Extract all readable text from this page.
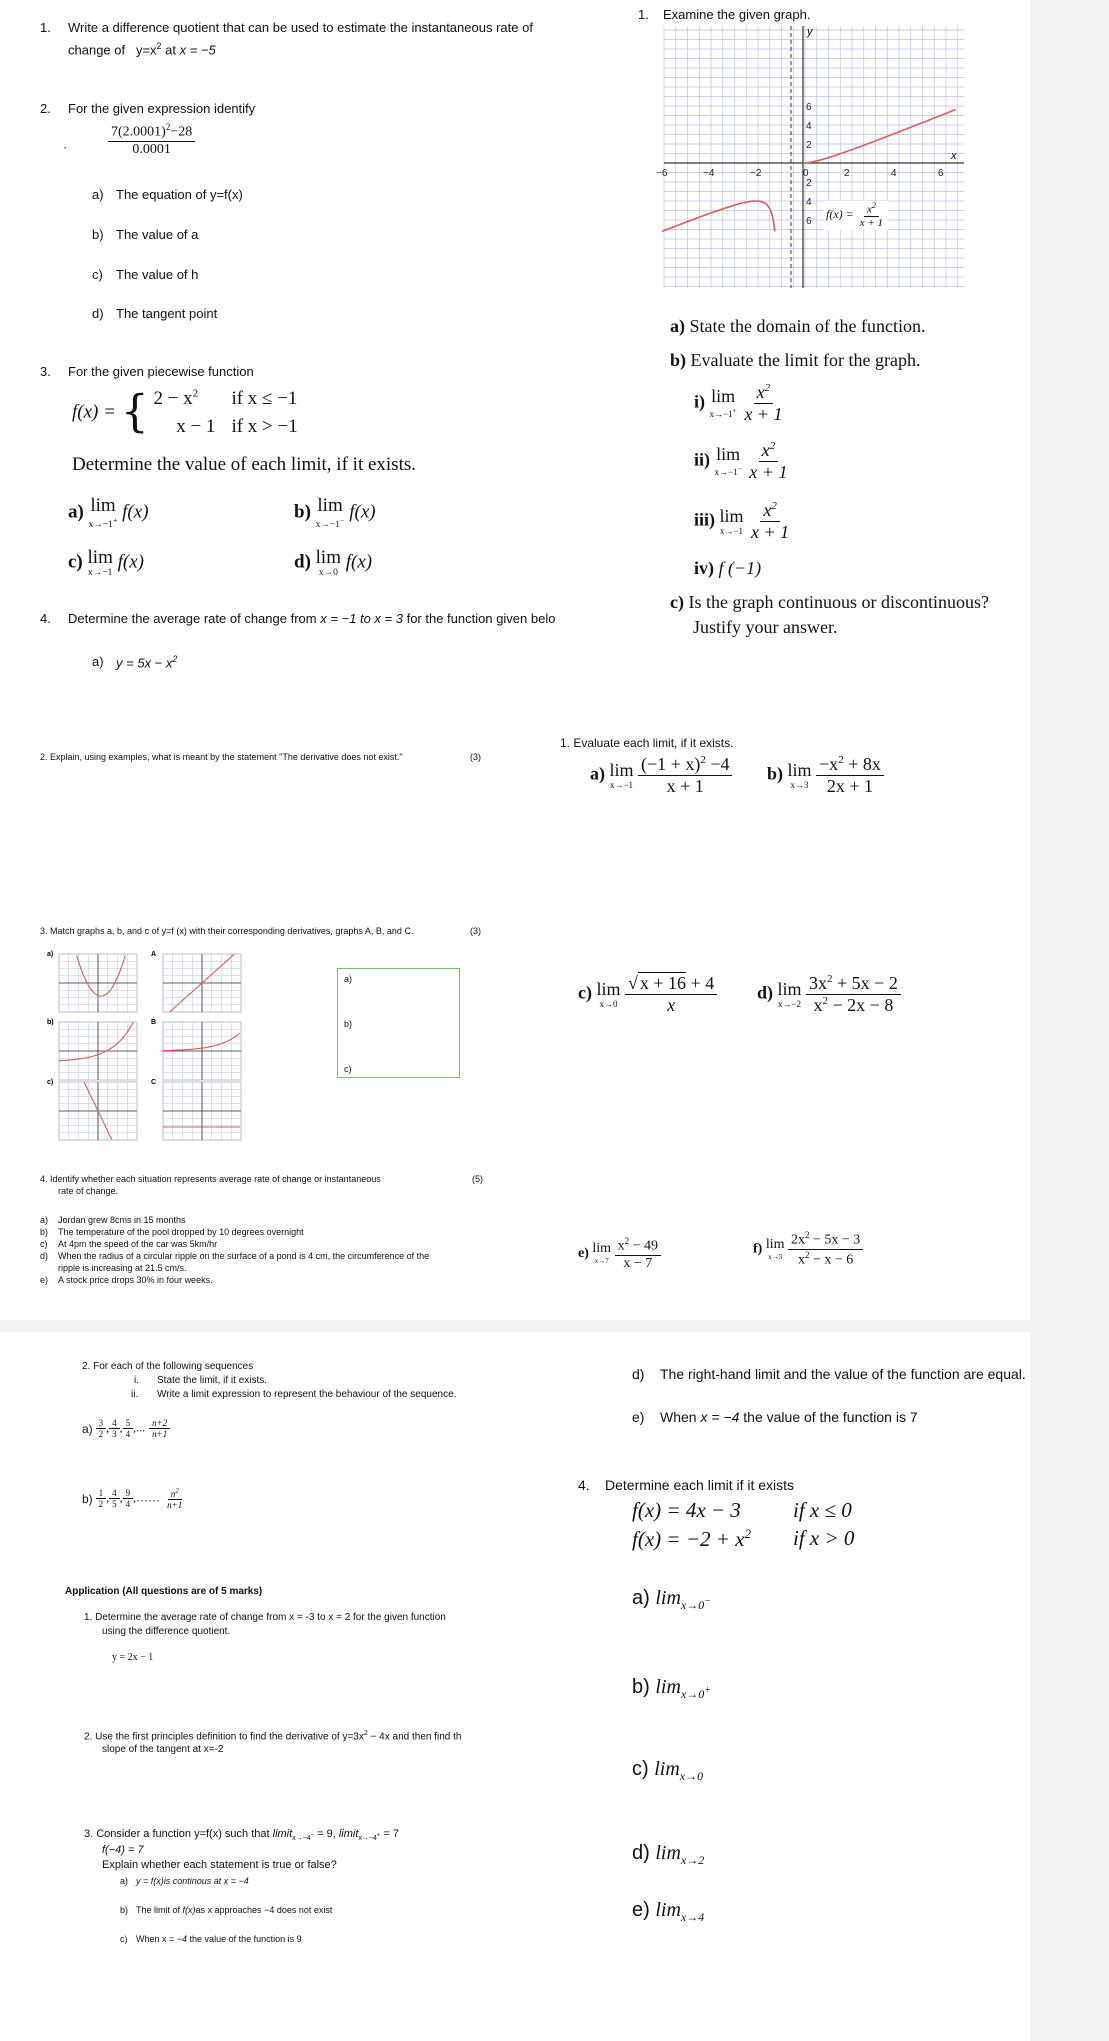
1. Write a difference quotient that can be used to estimate the instantaneous rate of
change of $y=x^2$ at x = −5
2. For the given expression identify
·	$\frac{7(2.0001)^2-28}{0.0001}$
a) The equation of y=f(x)
b) The value of a
c) The value of h
d) The tangent point
3. For the given piecewise function
f(x) = { $2 - x^2$ if x ≤ −1
x − 1 if x > −1
Determine the value of each limit, if it exists.
a) lim
x→−1+ f(x)	b) lim
x→−1− f(x)
c) lim
x→−1
f(x)	d) lim
x→0
f(x)
4. Determine the average rate of change from x = −1 to x = 3 for the function given belo
a) $y = 5x - x^2$
1. Examine the given graph.
−6	−4	−2	0	2	4	6
6
4
2
2
4
6
x
y
$f(x) = \frac{x^2}{x + 1}$
a) State the domain of the function.
b) Evaluate the limit for the graph.
i) lim
x→−1+
$\frac{x^2}{x + 1}$
ii) lim
x→−1−
$\frac{x^2}{x + 1}$
iii) lim
x→−1
$\frac{x^2}{x + 1}$
iv) f (−1)
c) Is the graph continuous or discontinuous?
Justify your answer.
2. Explain, using examples, what is meant by the statement "The derivative does not exist."	(3)
3. Match graphs a, b, and c of y=f (x) with their corresponding derivatives, graphs A, B, and C.	(3)
a)
b)
c)
A
B
C
a)
b)
c)
4. Identify whether each situation represents average rate of change or instantaneous
rate of change.
(5)
a) Jordan grew 8cms in 15 months
b) The temperature of the pool dropped by 10 degrees overnight
c) At 4pm the speed of the car was 5km/hr
d) When the radius of a circular ripple on the surface of a pond is 4 cm, the circumference of the
ripple is increasing at 21.5 cm/s.
e) A stock price drops 30% in four weeks.
1. Evaluate each limit, if it exists.
a) lim
x→−1
$\frac{(-1 + x)^2 -4}{x + 1} b$) lim
x→3
$\frac{-x^2 + 8x}{2x + 1}$
c) lim
x→0
$\frac{√ x + 16 + 4}{x} d$) lim
x→−2
$\frac{3x^2 + 5x - 2}{x^2 - 2x - 8}$
e) lim
x→7
$\frac{x^2 - 49}{x - 7}$	f) lim
x→3
$\frac{2x^2 - 5x - 3}{x^2 - x - 6}$
2. For each of the following sequences
i. State the limit, if it exists.
ii. Write a limit expression to represent the behaviour of the sequence.
$a) \frac{3}{2}$ , $\frac{4}{3}$ , $\frac{5}{4}$ ,... $\frac{n+2}{n+1}$
$b) \frac{1}{2}$ , $\frac{4}{5}$ , $\frac{9}{4}$ ,…… $\frac{n^2}{n+1}$
Application (All questions are of 5 marks)
1. Determine the average rate of change from x = -3 to x = 2 for the given function
using the difference quotient.
y = 2x − 1
2. Use the first principles definition to find the derivative of $y=3x^2 - 4x$ and then find th
slope of the tangent at x=-2
3. Consider a function y=f(x) such that limit$_{x\to-4^-}$ = 9, limit$_{x\to-4^+}$ = 7
f(−4) = 7
Explain whether each statement is true or false?
a) y = f(x)is continous at x = −4
b) The limit of f(x)as x approaches −4 does not exist
c) When x = −4 the value of the function is 9
d) The right-hand limit and the value of the function are equal.
e) When x = −4 the value of the function is 7
4. Determine each limit if it exists
f(x) = 4x − 3 if x ≤ 0
$f(x) = -2 + x^2$ if x > 0
a) $\lim_{x\to 0^-}$
b) $\lim_{x\to 0^+}$
c) $\lim_{x\to 0}$
d) $\lim_{x\to 2}$
e) $\lim_{x\to 4}$
